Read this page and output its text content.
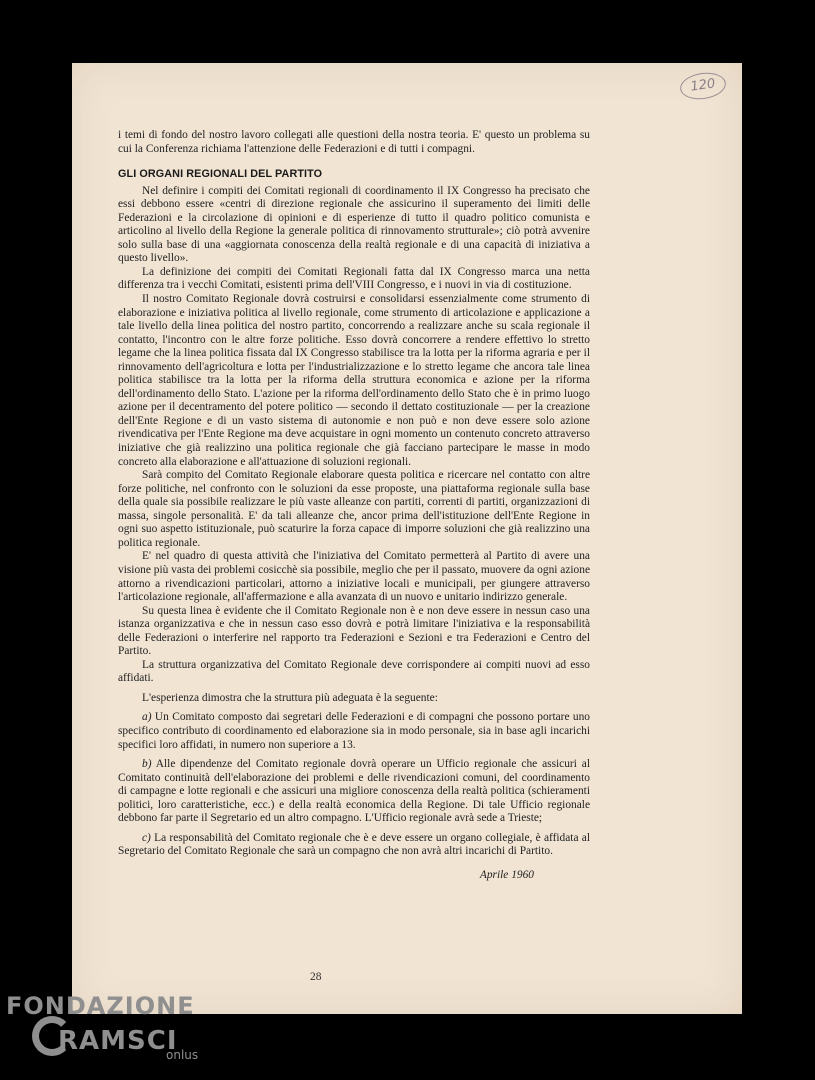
120

i temi di fondo del nostro lavoro collegati alle questioni della nostra teoria. E' questo un problema su cui la Conferenza richiama l'attenzione delle Federazioni e di tutti i compagni.

GLI ORGANI REGIONALI DEL PARTITO

Nel definire i compiti dei Comitati regionali di coordinamento il IX Congresso ha precisato che essi debbono essere «centri di direzione regionale che assicurino il superamento dei limiti delle Federazioni e la circolazione di opinioni e di esperienze di tutto il quadro politico comunista e articolino al livello della Regione la generale politica di rinnovamento strutturale»; ciò potrà avvenire solo sulla base di una «aggiornata conoscenza della realtà regionale e di una capacità di iniziativa a questo livello».

La definizione dei compiti dei Comitati Regionali fatta dal IX Congresso marca una netta differenza tra i vecchi Comitati, esistenti prima dell'VIII Congresso, e i nuovi in via di costituzione.

Il nostro Comitato Regionale dovrà costruirsi e consolidarsi essenzialmente come strumento di elaborazione e iniziativa politica al livello regionale, come strumento di articolazione e applicazione a tale livello della linea politica del nostro partito, concorrendo a realizzare anche su scala regionale il contatto, l'incontro con le altre forze politiche. Esso dovrà concorrere a rendere effettivo lo stretto legame che la linea politica fissata dal IX Congresso stabilisce tra la lotta per la riforma agraria e per il rinnovamento dell'agricoltura e lotta per l'industrializzazione e lo stretto legame che ancora tale linea politica stabilisce tra la lotta per la riforma della struttura economica e azione per la riforma dell'ordinamento dello Stato. L'azione per la riforma dell'ordinamento dello Stato che è in primo luogo azione per il decentramento del potere politico — secondo il dettato costituzionale — per la creazione dell'Ente Regione e di un vasto sistema di autonomie e non può e non deve essere solo azione rivendicativa per l'Ente Regione ma deve acquistare in ogni momento un contenuto concreto attraverso iniziative che già realizzino una politica regionale che già facciano partecipare le masse in modo concreto alla elaborazione e all'attuazione di soluzioni regionali.

Sarà compito del Comitato Regionale elaborare questa politica e ricercare nel contatto con altre forze politiche, nel confronto con le soluzioni da esse proposte, una piattaforma regionale sulla base della quale sia possibile realizzare le più vaste alleanze con partiti, correnti di partiti, organizzazioni di massa, singole personalità. E' da tali alleanze che, ancor prima dell'istituzione dell'Ente Regione in ogni suo aspetto istituzionale, può scaturire la forza capace di imporre soluzioni che già realizzino una politica regionale.

E' nel quadro di questa attività che l'iniziativa del Comitato permetterà al Partito di avere una visione più vasta dei problemi cosicchè sia possibile, meglio che per il passato, muovere da ogni azione attorno a rivendicazioni particolari, attorno a iniziative locali e municipali, per giungere attraverso l'articolazione regionale, all'affermazione e alla avanzata di un nuovo e unitario indirizzo generale.

Su questa linea è evidente che il Comitato Regionale non è e non deve essere in nessun caso una istanza organizzativa e che in nessun caso esso dovrà e potrà limitare l'iniziativa e la responsabilità delle Federazioni o interferire nel rapporto tra Federazioni e Sezioni e tra Federazioni e Centro del Partito.

La struttura organizzativa del Comitato Regionale deve corrispondere ai compiti nuovi ad esso affidati.

L'esperienza dimostra che la struttura più adeguata è la seguente:

a) Un Comitato composto dai segretari delle Federazioni e di compagni che possono portare uno specifico contributo di coordinamento ed elaborazione sia in modo personale, sia in base agli incarichi specifici loro affidati, in numero non superiore a 13.

b) Alle dipendenze del Comitato regionale dovrà operare un Ufficio regionale che assicuri al Comitato continuità dell'elaborazione dei problemi e delle rivendicazioni comuni, del coordinamento di campagne e lotte regionali e che assicuri una migliore conoscenza della realtà politica (schieramenti politici, loro caratteristiche, ecc.) e della realtà economica della Regione. Di tale Ufficio regionale debbono far parte il Segretario ed un altro compagno. L'Ufficio regionale avrà sede a Trieste;

c) La responsabilità del Comitato regionale che è e deve essere un organo collegiale, è affidata al Segretario del Comitato Regionale che sarà un compagno che non avrà altri incarichi di Partito.

Aprile 1960
28
FONDAZIONE
RAMSCI
onlus
